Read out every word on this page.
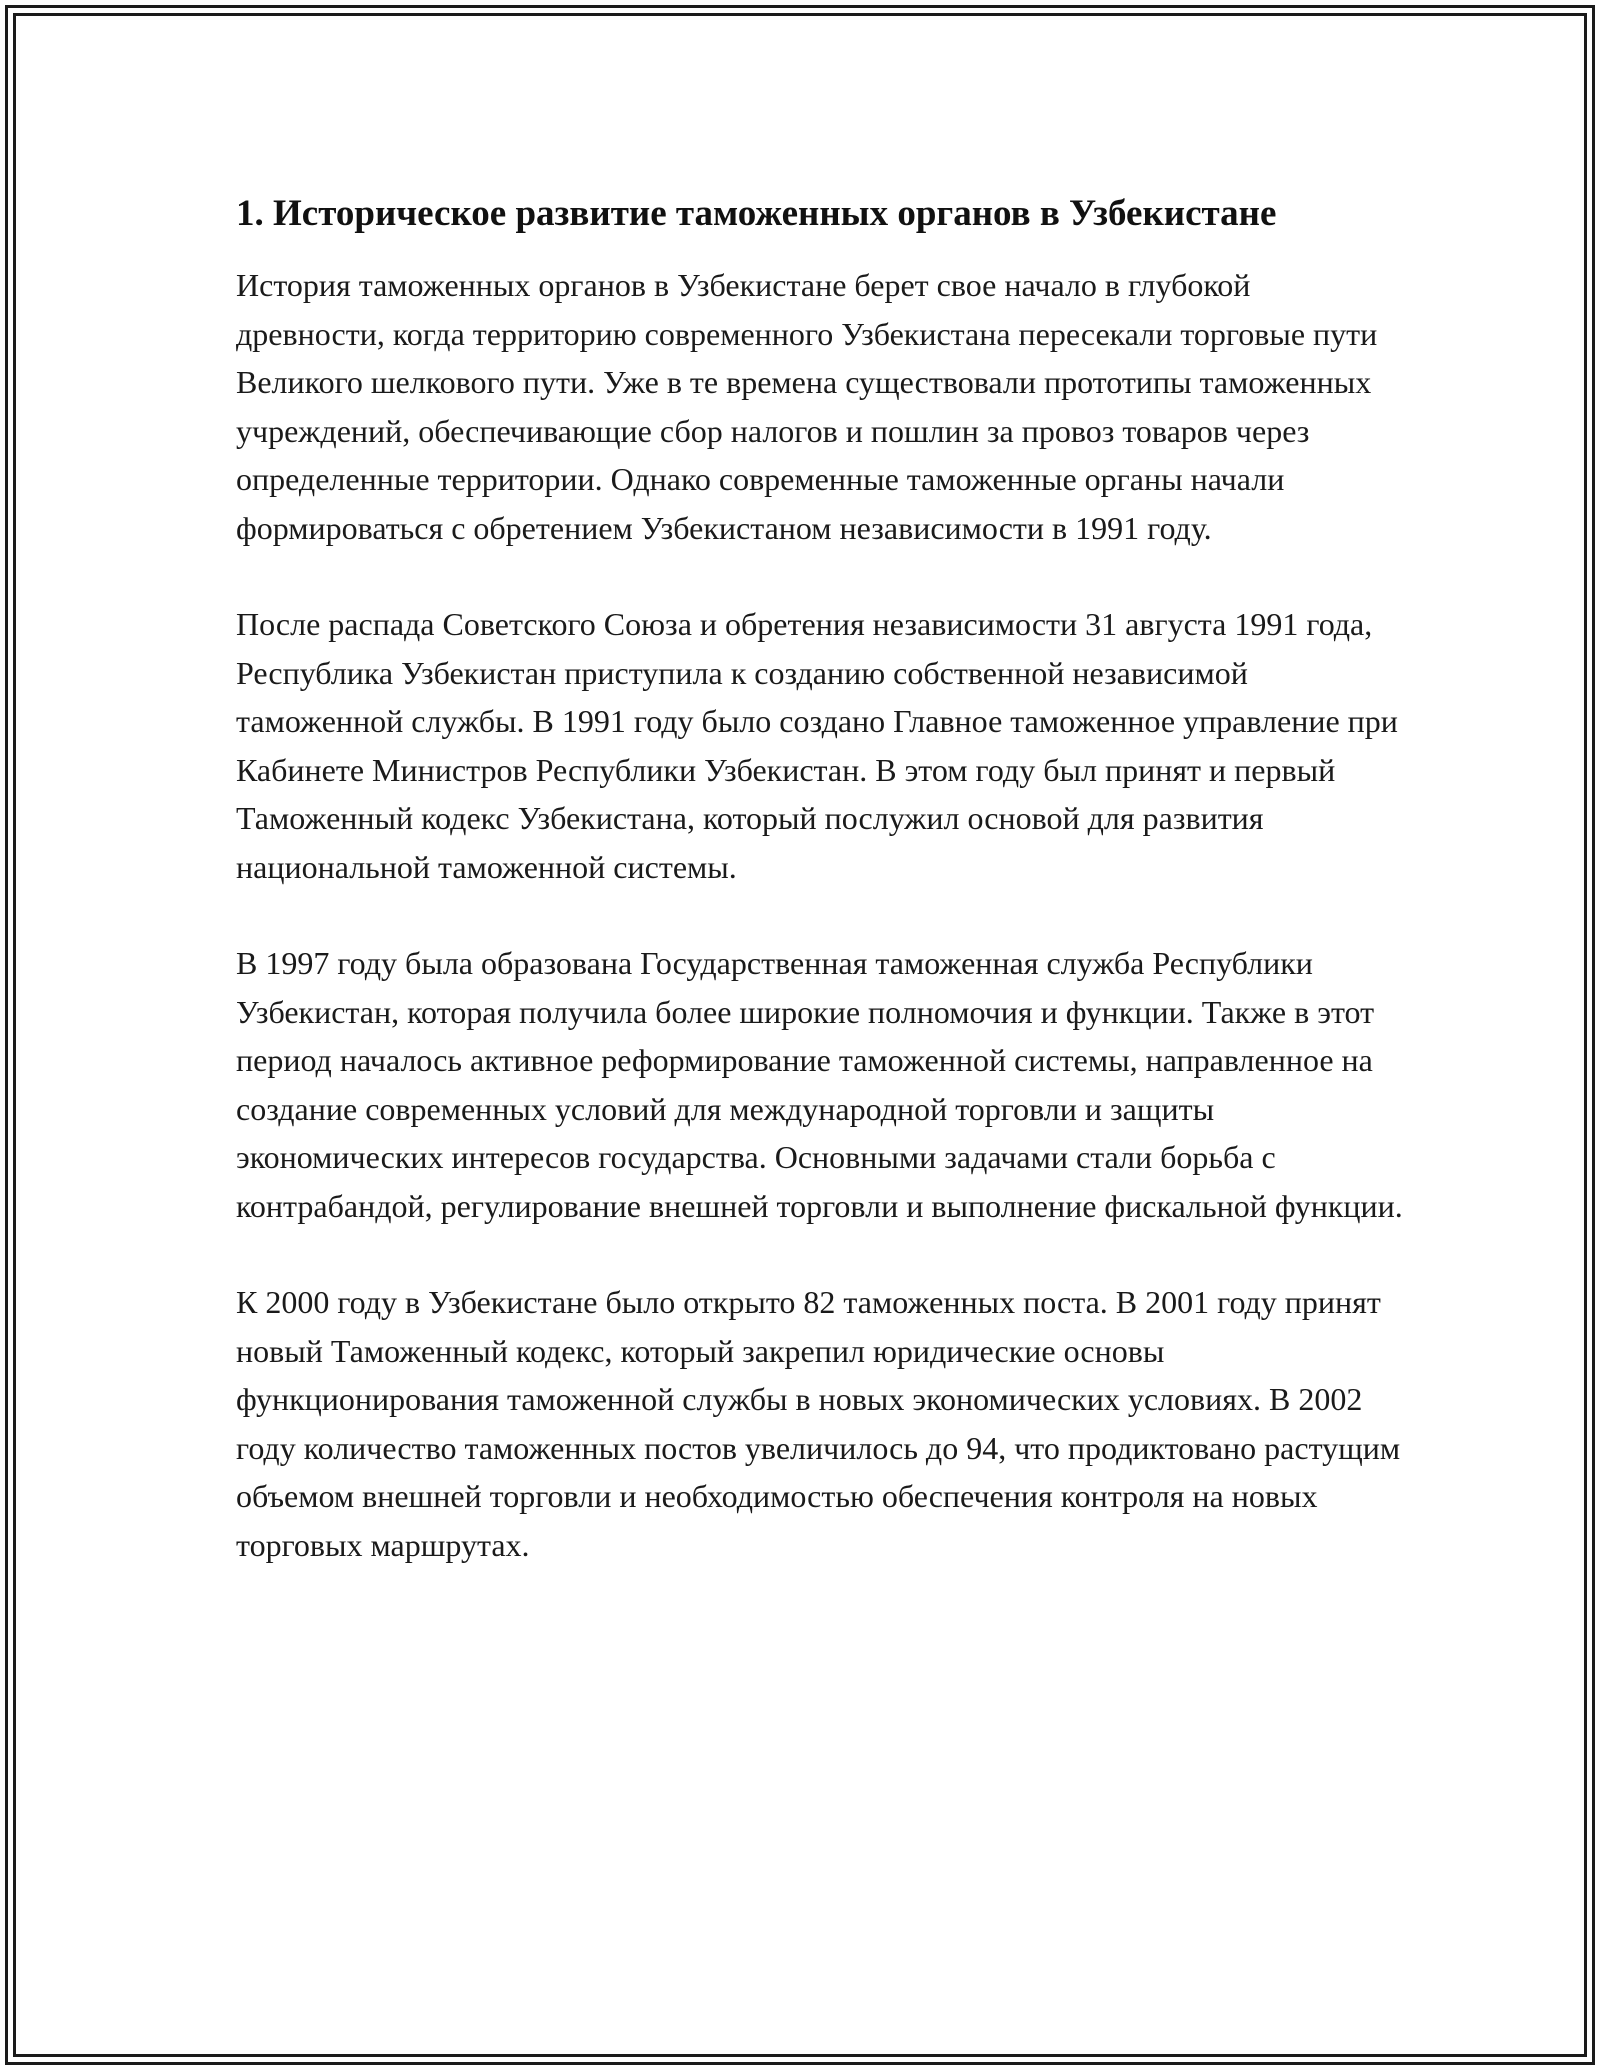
1. Историческое развитие таможенных органов в Узбекистане

История таможенных органов в Узбекистане берет свое начало в глубокой древности, когда территорию современного Узбекистана пересекали торговые пути Великого шелкового пути. Уже в те времена существовали прототипы таможенных учреждений, обеспечивающие сбор налогов и пошлин за провоз товаров через определенные территории. Однако современные таможенные органы начали формироваться с обретением Узбекистаном независимости в 1991 году.

После распада Советского Союза и обретения независимости 31 августа 1991 года, Республика Узбекистан приступила к созданию собственной независимой таможенной службы. В 1991 году было создано Главное таможенное управление при Кабинете Министров Республики Узбекистан. В этом году был принят и первый Таможенный кодекс Узбекистана, который послужил основой для развития национальной таможенной системы.

В 1997 году была образована Государственная таможенная служба Республики Узбекистан, которая получила более широкие полномочия и функции. Также в этот период началось активное реформирование таможенной системы, направленное на создание современных условий для международной торговли и защиты экономических интересов государства. Основными задачами стали борьба с контрабандой, регулирование внешней торговли и выполнение фискальной функции.

К 2000 году в Узбекистане было открыто 82 таможенных поста. В 2001 году принят новый Таможенный кодекс, который закрепил юридические основы функционирования таможенной службы в новых экономических условиях. В 2002 году количество таможенных постов увеличилось до 94, что продиктовано растущим объемом внешней торговли и необходимостью обеспечения контроля на новых торговых маршрутах.
